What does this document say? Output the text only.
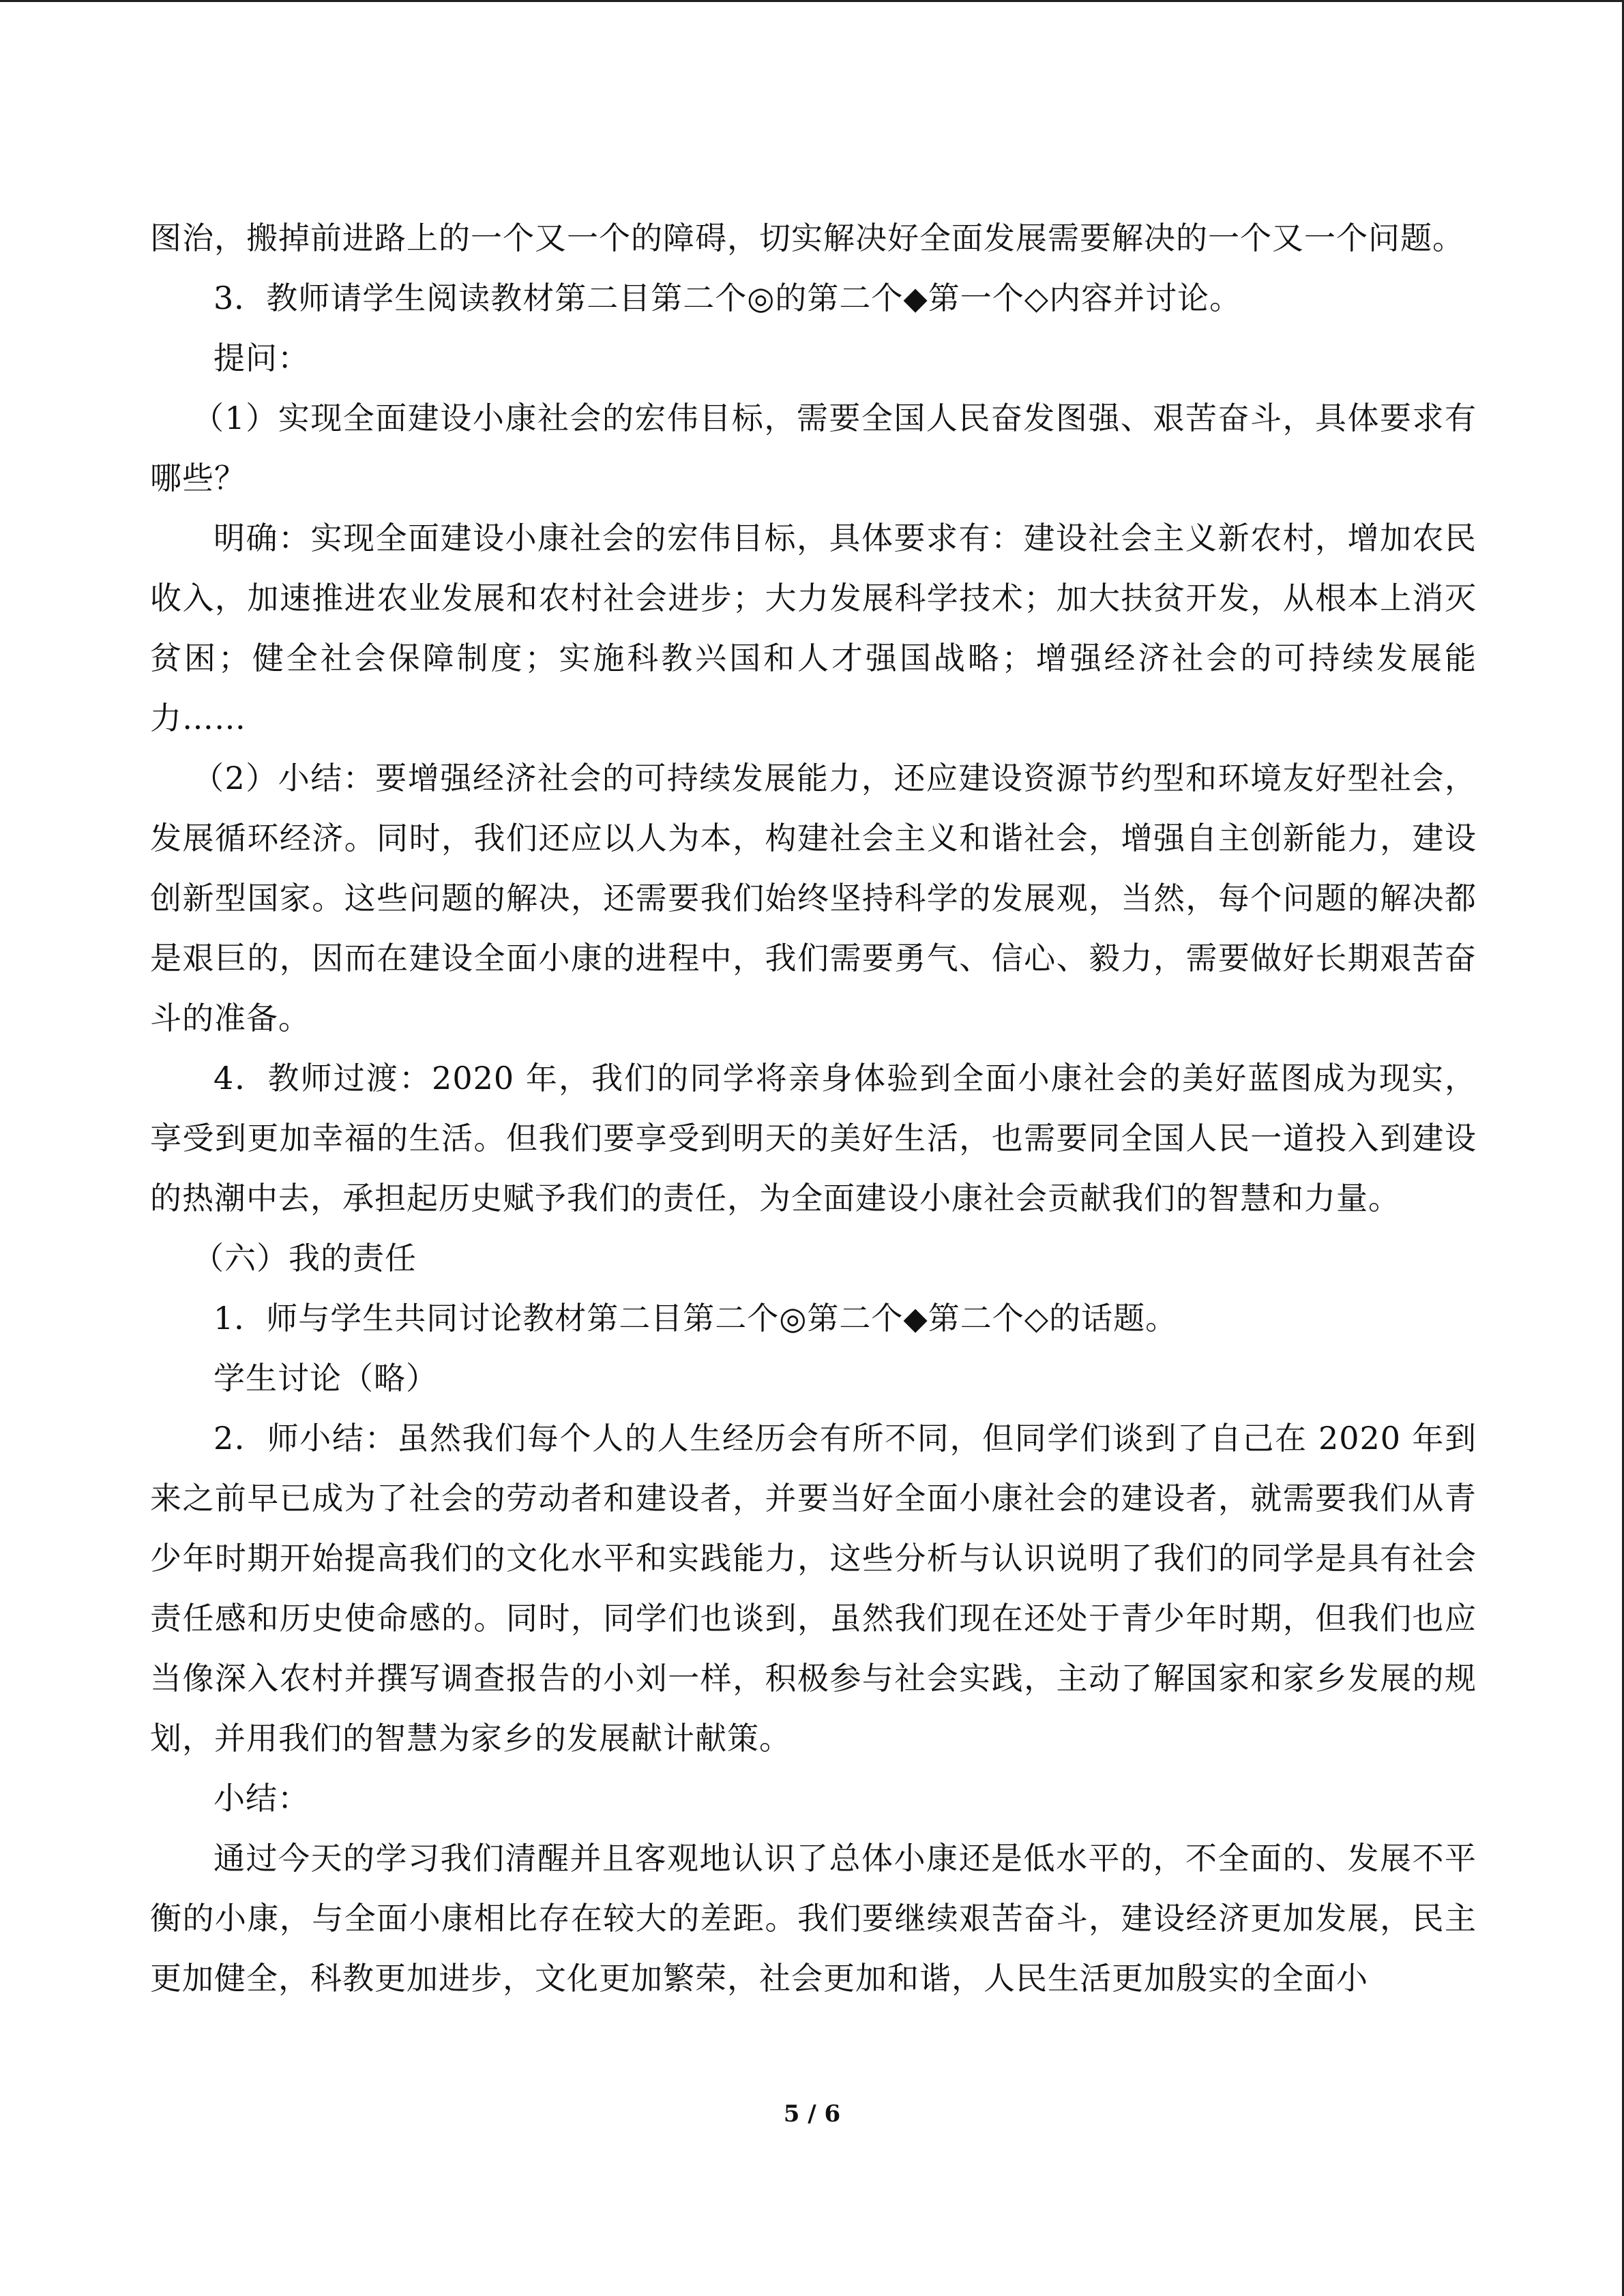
图治，搬掉前进路上的一个又一个的障碍，切实解决好全面发展需要解决的一个又一个问题。

3．教师请学生阅读教材第二目第二个◎的第二个◆第一个◇内容并讨论。

提问：

（1）实现全面建设小康社会的宏伟目标，需要全国人民奋发图强、艰苦奋斗，具体要求有哪些？

明确：实现全面建设小康社会的宏伟目标，具体要求有：建设社会主义新农村，增加农民收入，加速推进农业发展和农村社会进步；大力发展科学技术；加大扶贫开发，从根本上消灭贫困；健全社会保障制度；实施科教兴国和人才强国战略；增强经济社会的可持续发展能力……

（2）小结：要增强经济社会的可持续发展能力，还应建设资源节约型和环境友好型社会，发展循环经济。同时，我们还应以人为本，构建社会主义和谐社会，增强自主创新能力，建设创新型国家。这些问题的解决，还需要我们始终坚持科学的发展观，当然，每个问题的解决都是艰巨的，因而在建设全面小康的进程中，我们需要勇气、信心、毅力，需要做好长期艰苦奋斗的准备。

4．教师过渡：2020 年，我们的同学将亲身体验到全面小康社会的美好蓝图成为现实，享受到更加幸福的生活。但我们要享受到明天的美好生活，也需要同全国人民一道投入到建设的热潮中去，承担起历史赋予我们的责任，为全面建设小康社会贡献我们的智慧和力量。

（六）我的责任

1．师与学生共同讨论教材第二目第二个◎第二个◆第二个◇的话题。

学生讨论（略）

2．师小结：虽然我们每个人的人生经历会有所不同，但同学们谈到了自己在 2020 年到来之前早已成为了社会的劳动者和建设者，并要当好全面小康社会的建设者，就需要我们从青少年时期开始提高我们的文化水平和实践能力，这些分析与认识说明了我们的同学是具有社会责任感和历史使命感的。同时，同学们也谈到，虽然我们现在还处于青少年时期，但我们也应当像深入农村并撰写调查报告的小刘一样，积极参与社会实践，主动了解国家和家乡发展的规划，并用我们的智慧为家乡的发展献计献策。

小结：

通过今天的学习我们清醒并且客观地认识了总体小康还是低水平的，不全面的、发展不平衡的小康，与全面小康相比存在较大的差距。我们要继续艰苦奋斗，建设经济更加发展，民主更加健全，科教更加进步，文化更加繁荣，社会更加和谐，人民生活更加殷实的全面小

5 / 6
